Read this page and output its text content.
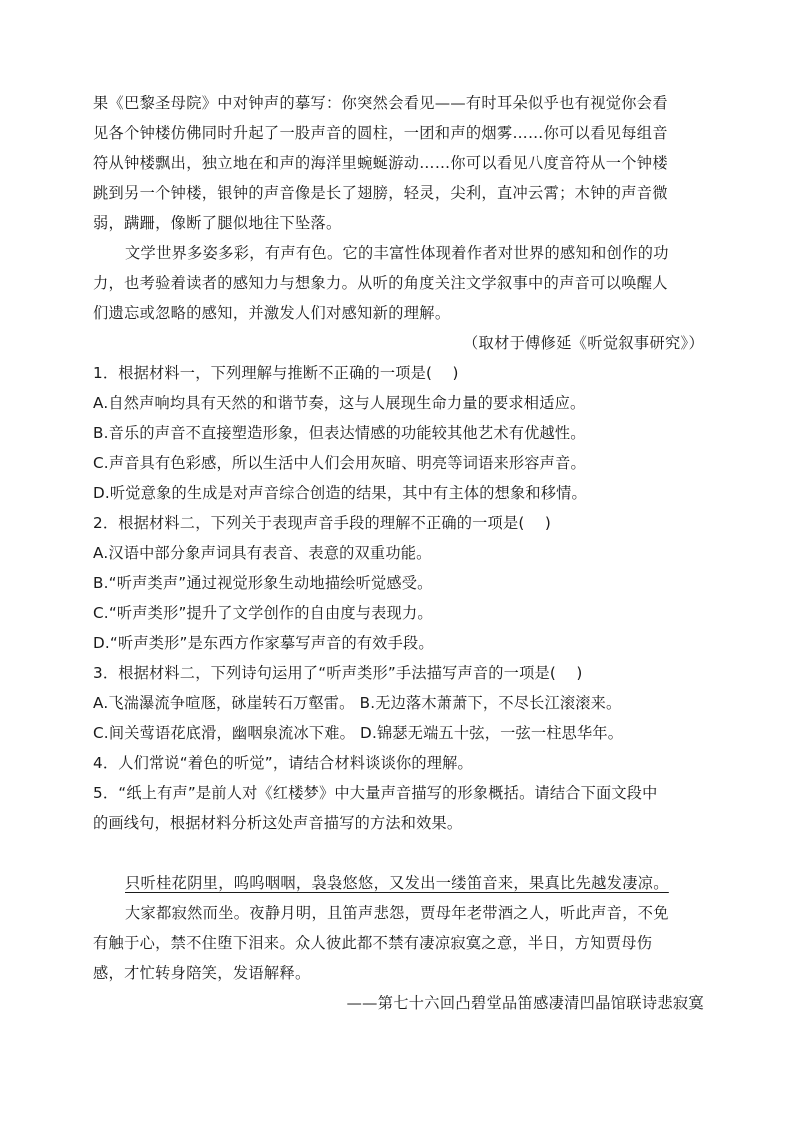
果《巴黎圣母院》中对钟声的摹写：你突然会看见——有时耳朵似乎也有视觉你会看
见各个钟楼仿佛同时升起了一股声音的圆柱，一团和声的烟雾……你可以看见每组音
符从钟楼飘出，独立地在和声的海洋里蜿蜒游动……你可以看见八度音符从一个钟楼
跳到另一个钟楼，银钟的声音像是长了翅膀，轻灵，尖利，直冲云霄；木钟的声音微
弱，蹒跚，像断了腿似地往下坠落。
文学世界多姿多彩，有声有色。它的丰富性体现着作者对世界的感知和创作的功
力，也考验着读者的感知力与想象力。从听的角度关注文学叙事中的声音可以唤醒人
们遗忘或忽略的感知，并激发人们对感知新的理解。
（取材于傅修延《听觉叙事研究》）
1．根据材料一，下列理解与推断不正确的一项是(　 )
A.自然声响均具有天然的和谐节奏，这与人展现生命力量的要求相适应。
B.音乐的声音不直接塑造形象，但表达情感的功能较其他艺术有优越性。
C.声音具有色彩感，所以生活中人们会用灰暗、明亮等词语来形容声音。
D.听觉意象的生成是对声音综合创造的结果，其中有主体的想象和移情。
2．根据材料二，下列关于表现声音手段的理解不正确的一项是(　 )
A.汉语中部分象声词具有表音、表意的双重功能。
B.“听声类声”通过视觉形象生动地描绘听觉感受。
C.“听声类形”提升了文学创作的自由度与表现力。
D.“听声类形”是东西方作家摹写声音的有效手段。
3．根据材料二，下列诗句运用了“听声类形”手法描写声音的一项是(　 )
A.飞湍瀑流争喧豗，砯崖转石万壑雷。 B.无边落木萧萧下，不尽长江滚滚来。
C.间关莺语花底滑，幽咽泉流冰下难。 D.锦瑟无端五十弦，一弦一柱思华年。
4．人们常说“着色的听觉”，请结合材料谈谈你的理解。
5．“纸上有声”是前人对《红楼梦》中大量声音描写的形象概括。请结合下面文段中
的画线句，根据材料分析这处声音描写的方法和效果。
只听桂花阴里，呜呜咽咽，袅袅悠悠，又发出一缕笛音来，果真比先越发凄凉。
大家都寂然而坐。夜静月明，且笛声悲怨，贾母年老带酒之人，听此声音，不免
有触于心，禁不住堕下泪来。众人彼此都不禁有凄凉寂寞之意，半日，方知贾母伤
感，才忙转身陪笑，发语解释。
——第七十六回凸碧堂品笛感凄清凹晶馆联诗悲寂寞
